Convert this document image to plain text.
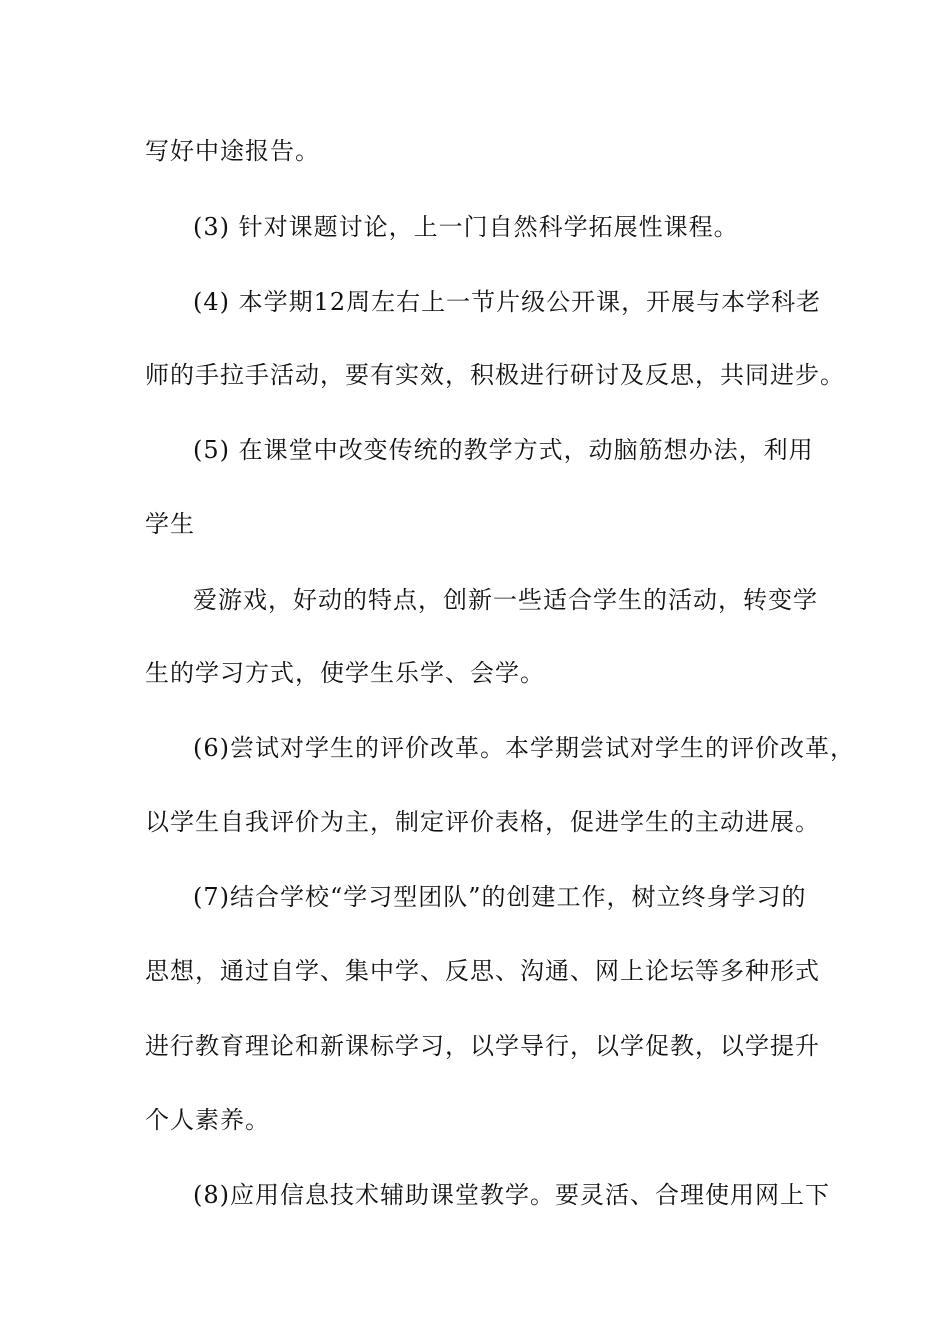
写好中途报告。
(3) 针对课题讨论，上一门自然科学拓展性课程。
(4) 本学期12周左右上一节片级公开课，开展与本学科老
师的手拉手活动，要有实效，积极进行研讨及反思，共同进步。
(5) 在课堂中改变传统的教学方式，动脑筋想办法，利用
学生
爱游戏，好动的特点，创新一些适合学生的活动，转变学
生的学习方式，使学生乐学、会学。
(6)尝试对学生的评价改革。本学期尝试对学生的评价改革，
以学生自我评价为主，制定评价表格，促进学生的主动进展。
(7)结合学校“学习型团队”的创建工作，树立终身学习的
思想，通过自学、集中学、反思、沟通、网上论坛等多种形式
进行教育理论和新课标学习，以学导行，以学促教，以学提升
个人素养。
(8)应用信息技术辅助课堂教学。要灵活、合理使用网上下
